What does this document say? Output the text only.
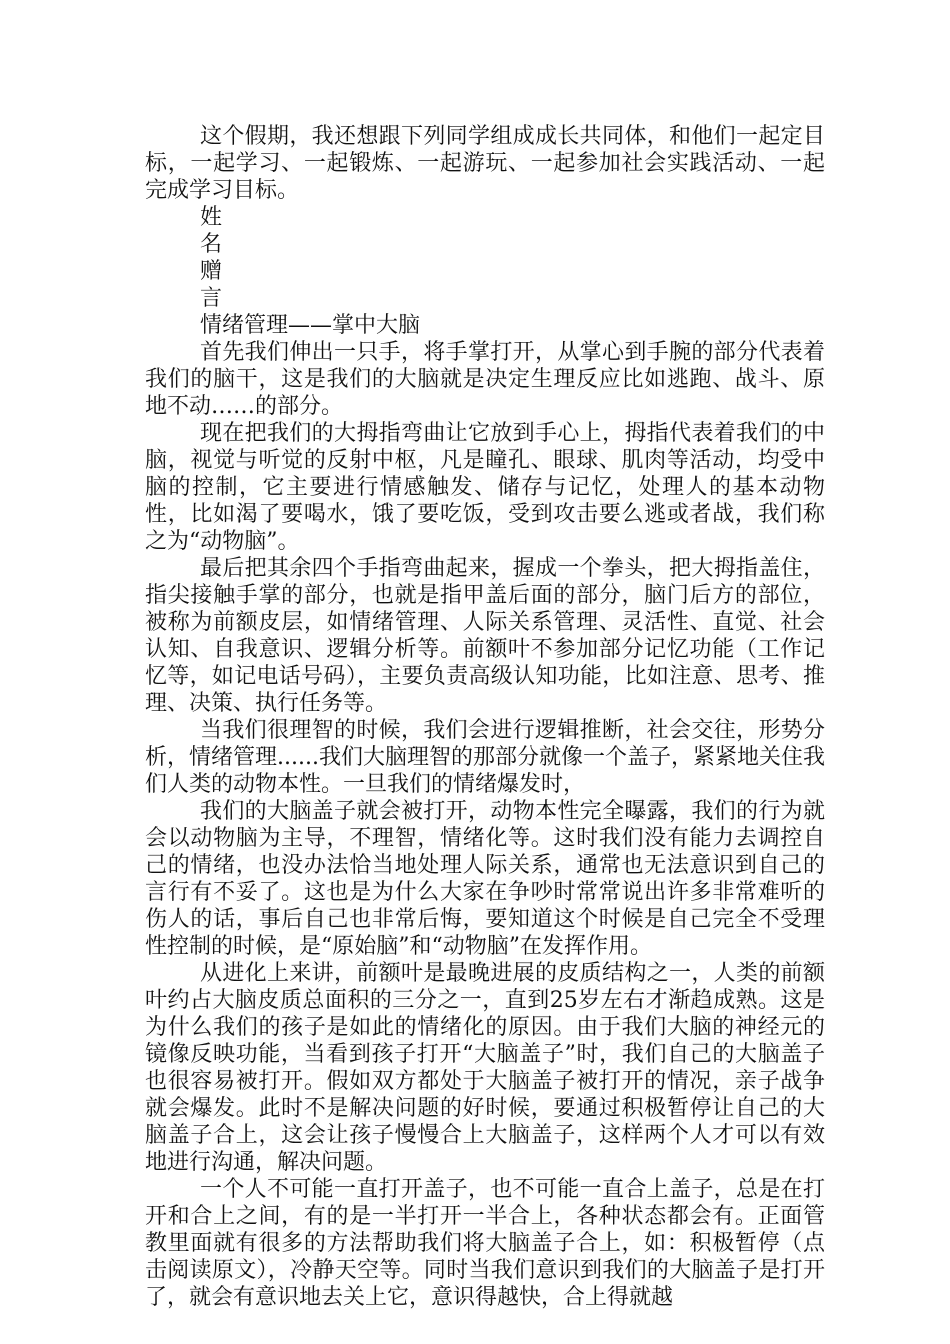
这个假期，我还想跟下列同学组成成长共同体，和他们一起定目标，一起学习、一起锻炼、一起游玩、一起参加社会实践活动、一起完成学习目标。

姓

名

赠

言

情绪管理——掌中大脑

首先我们伸出一只手，将手掌打开，从掌心到手腕的部分代表着我们的脑干，这是我们的大脑就是决定生理反应比如逃跑、战斗、原地不动……的部分。

现在把我们的大拇指弯曲让它放到手心上，拇指代表着我们的中脑，视觉与听觉的反射中枢，凡是瞳孔、眼球、肌肉等活动，均受中脑的控制，它主要进行情感触发、储存与记忆，处理人的基本动物性，比如渴了要喝水，饿了要吃饭，受到攻击要么逃或者战，我们称之为“动物脑”。

最后把其余四个手指弯曲起来，握成一个拳头，把大拇指盖住，指尖接触手掌的部分，也就是指甲盖后面的部分，脑门后方的部位，被称为前额皮层，如情绪管理、人际关系管理、灵活性、直觉、社会认知、自我意识、逻辑分析等。前额叶不参加部分记忆功能（工作记忆等，如记电话号码），主要负责高级认知功能，比如注意、思考、推理、决策、执行任务等。

当我们很理智的时候，我们会进行逻辑推断，社会交往，形势分析，情绪管理......我们大脑理智的那部分就像一个盖子，紧紧地关住我们人类的动物本性。一旦我们的情绪爆发时，

我们的大脑盖子就会被打开，动物本性完全曝露，我们的行为就会以动物脑为主导，不理智，情绪化等。这时我们没有能力去调控自己的情绪，也没办法恰当地处理人际关系，通常也无法意识到自己的言行有不妥了。这也是为什么大家在争吵时常常说出许多非常难听的伤人的话，事后自己也非常后悔，要知道这个时候是自己完全不受理性控制的时候，是“原始脑”和“动物脑”在发挥作用。

从进化上来讲，前额叶是最晚进展的皮质结构之一，人类的前额叶约占大脑皮质总面积的三分之一，直到25岁左右才渐趋成熟。这是为什么我们的孩子是如此的情绪化的原因。由于我们大脑的神经元的镜像反映功能，当看到孩子打开“大脑盖子”时，我们自己的大脑盖子也很容易被打开。假如双方都处于大脑盖子被打开的情况，亲子战争就会爆发。此时不是解决问题的好时候，要通过积极暂停让自己的大脑盖子合上，这会让孩子慢慢合上大脑盖子，这样两个人才可以有效地进行沟通，解决问题。

一个人不可能一直打开盖子，也不可能一直合上盖子，总是在打开和合上之间，有的是一半打开一半合上，各种状态都会有。正面管教里面就有很多的方法帮助我们将大脑盖子合上，如：积极暂停（点击阅读原文），冷静天空等。同时当我们意识到我们的大脑盖子是打开了，就会有意识地去关上它，意识得越快，合上得就越
